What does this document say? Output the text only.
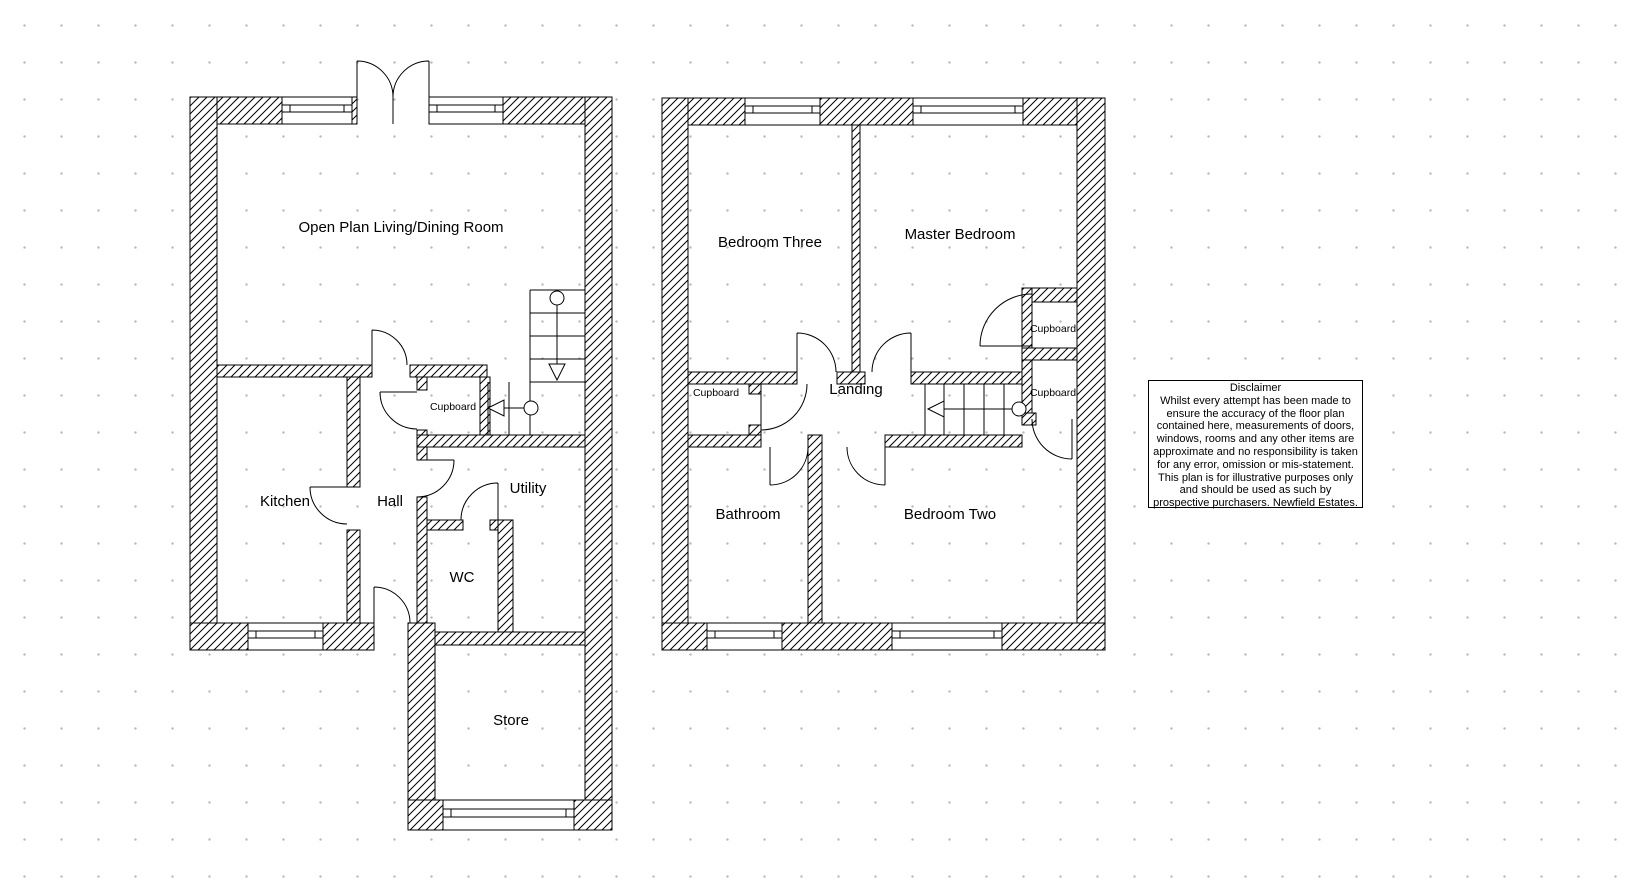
Open Plan Living/Dining Room
Kitchen	Hall
Utility
WC
Store
Cupboard
Bedroom Three	Master Bedroom
Landing
Bathroom	Bedroom Two
Cupboard
Cupboard
Cupboard	Disclaimer
Whilst every attempt has been made to ensure the accuracy of the floor plan contained here, measurements of doors, windows, rooms and any other items are approximate and no responsibility is taken for any error, omission or mis-statement. This plan is for illustrative purposes only and should be used as such by prospective purchasers. Newfield Estates.
